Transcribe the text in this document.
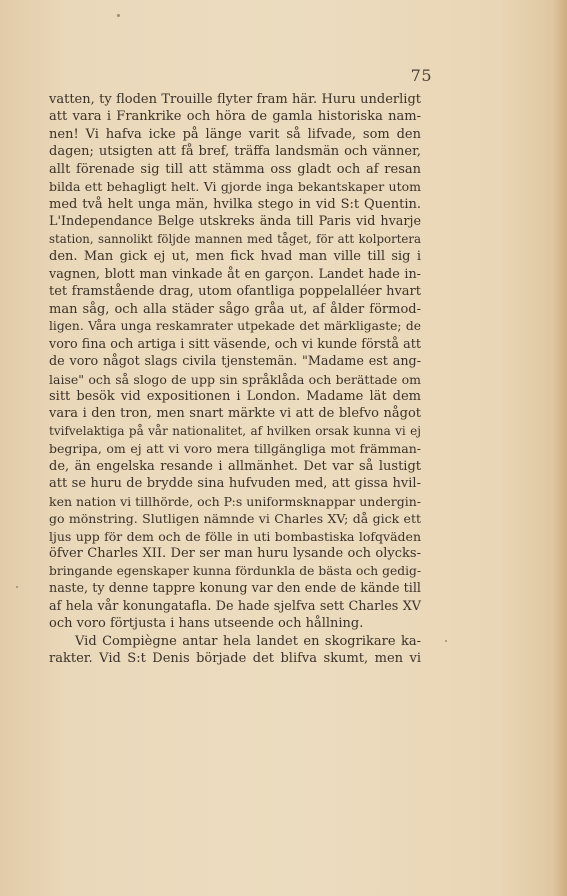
75
vatten, ty floden Trouille flyter fram här. Huru underligt
att vara i Frankrike och höra de gamla historiska nam-
nen! Vi hafva icke på länge varit så lifvade, som den
dagen; utsigten att få bref, träffa landsmän och vänner,
allt förenade sig till att stämma oss gladt och af resan
bilda ett behagligt helt. Vi gjorde inga bekantskaper utom
med två helt unga män, hvilka stego in vid S:t Quentin.
L'Independance Belge utskreks ända till Paris vid hvarje
station, sannolikt följde mannen med tåget, för att kolportera
den. Man gick ej ut, men fick hvad man ville till sig i
vagnen, blott man vinkade åt en garçon. Landet hade in-
tet framstående drag, utom ofantliga poppelalléer hvart
man såg, och alla städer sågo gråa ut, af ålder förmod-
ligen. Våra unga reskamrater utpekade det märkligaste; de
voro fina och artiga i sitt väsende, och vi kunde förstå att
de voro något slags civila tjenstemän. "Madame est ang-
laise" och så slogo de upp sin språklåda och berättade om
sitt besök vid expositionen i London. Madame lät dem
vara i den tron, men snart märkte vi att de blefvo något
tvifvelaktiga på vår nationalitet, af hvilken orsak kunna vi ej
begripa, om ej att vi voro mera tillgängliga mot främman-
de, än engelska resande i allmänhet. Det var så lustigt
att se huru de brydde sina hufvuden med, att gissa hvil-
ken nation vi tillhörde, och P:s uniformsknappar undergin-
go mönstring. Slutligen nämnde vi Charles XV; då gick ett
ljus upp för dem och de fölle in uti bombastiska lofqväden
öfver Charles XII. Der ser man huru lysande och olycks-
bringande egenskaper kunna fördunkla de bästa och gedig-
naste, ty denne tappre konung var den ende de kände till
af hela vår konungatafla. De hade sjelfva sett Charles XV
och voro förtjusta i hans utseende och hållning.
Vid Compiègne antar hela landet en skogrikare ka-
rakter. Vid S:t Denis började det blifva skumt, men vi
